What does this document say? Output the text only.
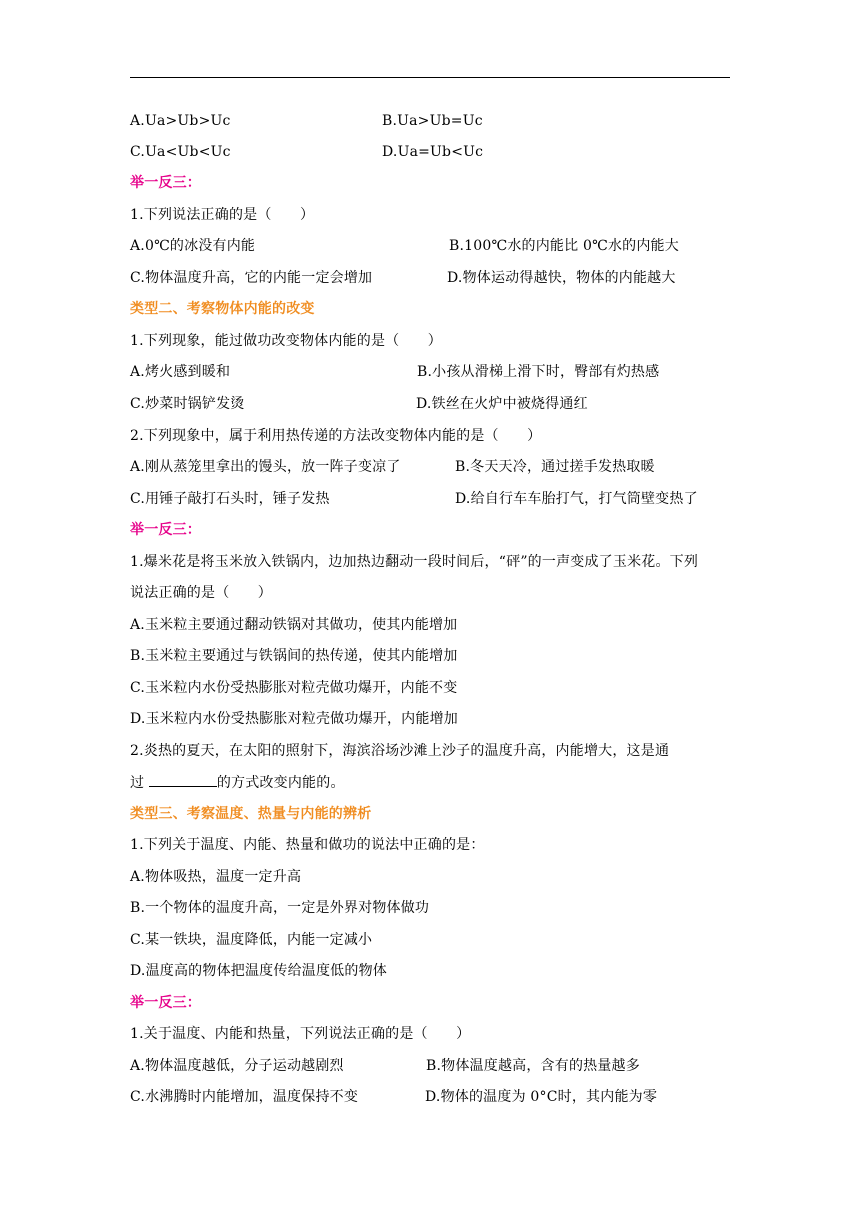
A.Ua>Ub>Uc	B.Ua>Ub=Uc
C.Ua<Ub<Uc	D.Ua=Ub<Uc
举一反三：
1.下列说法正确的是（　　）
A.0℃的冰没有内能	B.100℃水的内能比 0℃水的内能大
C.物体温度升高，它的内能一定会增加	D.物体运动得越快，物体的内能越大
类型二、考察物体内能的改变
1.下列现象，能过做功改变物体内能的是（　　）
A.烤火感到暖和	B.小孩从滑梯上滑下时，臀部有灼热感
C.炒菜时锅铲发烫	D.铁丝在火炉中被烧得通红
2.下列现象中，属于利用热传递的方法改变物体内能的是（　　）
A.刚从蒸笼里拿出的馒头，放一阵子变凉了	B.冬天天冷，通过搓手发热取暖
C.用锤子敲打石头时，锤子发热	D.给自行车车胎打气，打气筒壁变热了
举一反三：
1.爆米花是将玉米放入铁锅内，边加热边翻动一段时间后，“砰”的一声变成了玉米花。下列
说法正确的是（　　）
A.玉米粒主要通过翻动铁锅对其做功，使其内能增加
B.玉米粒主要通过与铁锅间的热传递，使其内能增加
C.玉米粒内水份受热膨胀对粒壳做功爆开，内能不变
D.玉米粒内水份受热膨胀对粒壳做功爆开，内能增加
2.炎热的夏天，在太阳的照射下，海滨浴场沙滩上沙子的温度升高，内能增大，这是通
过	的方式改变内能的。
类型三、考察温度、热量与内能的辨析
1.下列关于温度、内能、热量和做功的说法中正确的是：
A.物体吸热，温度一定升高
B.一个物体的温度升高，一定是外界对物体做功
C.某一铁块，温度降低，内能一定减小
D.温度高的物体把温度传给温度低的物体
举一反三：
1.关于温度、内能和热量，下列说法正确的是（　　）
A.物体温度越低，分子运动越剧烈	B.物体温度越高，含有的热量越多
C.水沸腾时内能增加，温度保持不变	D.物体的温度为 0°C时，其内能为零
